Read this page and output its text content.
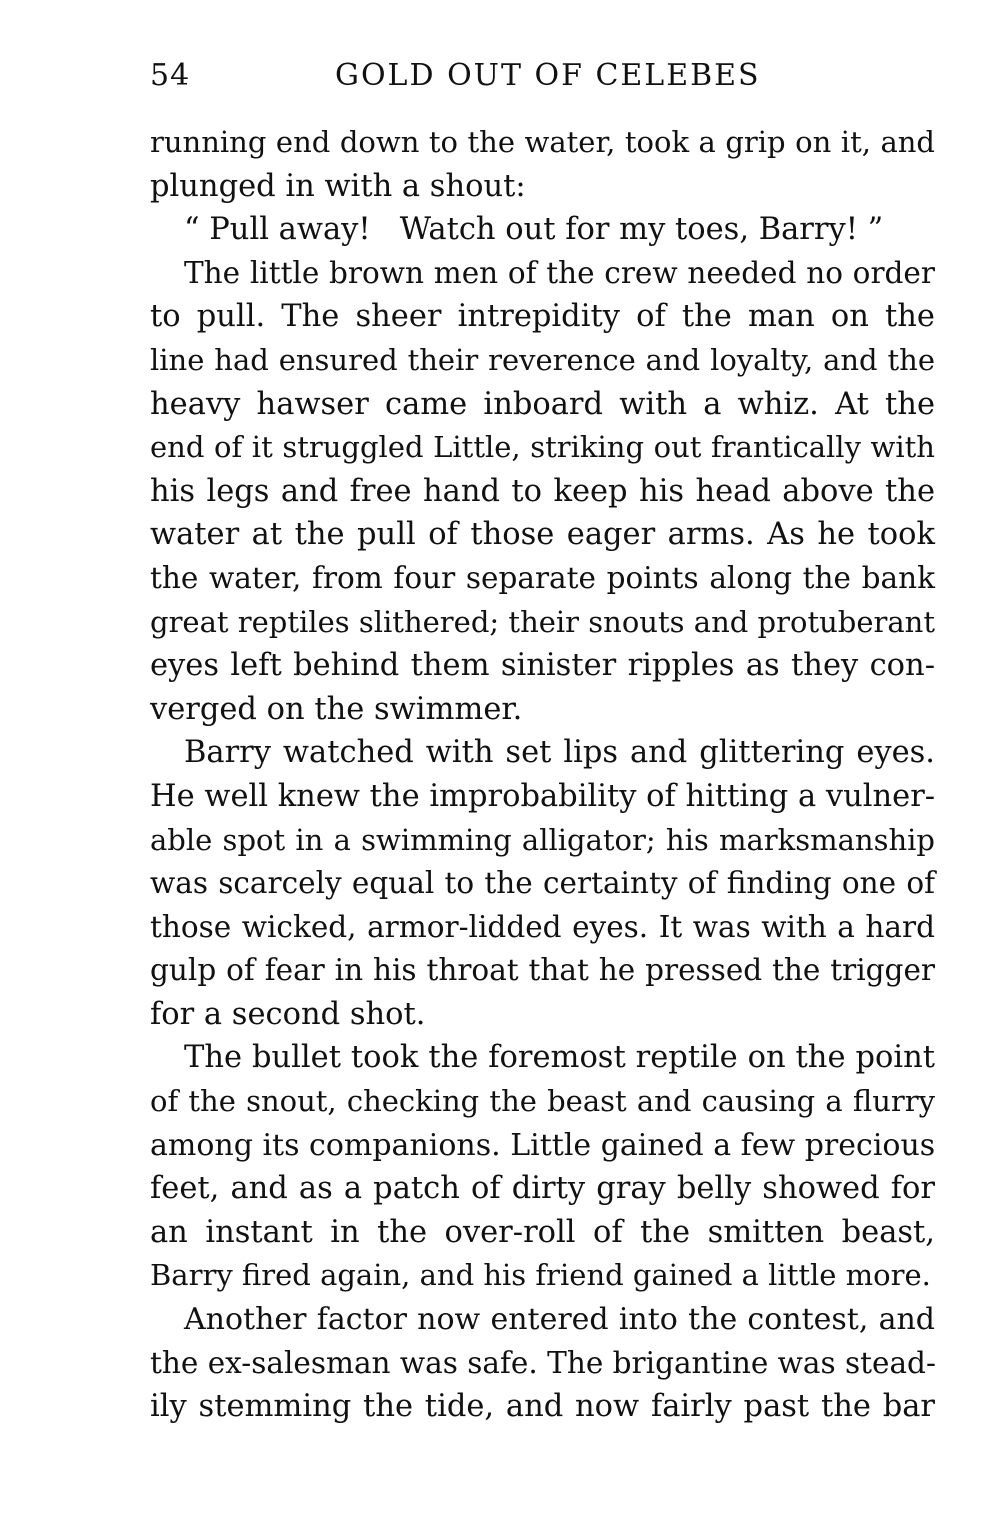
54	GOLD OUT OF CELEBES

running end down to the water, took a grip on it, and
plunged in with a shout:

“ Pull away!   Watch out for my toes, Barry! ”

The little brown men of the crew needed no order
to pull. The sheer intrepidity of the man on the
line had ensured their reverence and loyalty, and the
heavy hawser came inboard with a whiz. At the
end of it struggled Little, striking out frantically with
his legs and free hand to keep his head above the
water at the pull of those eager arms. As he took
the water, from four separate points along the bank
great reptiles slithered; their snouts and protuberant
eyes left behind them sinister ripples as they con-
verged on the swimmer.

Barry watched with set lips and glittering eyes.
He well knew the improbability of hitting a vulner-
able spot in a swimming alligator; his marksmanship
was scarcely equal to the certainty of finding one of
those wicked, armor-lidded eyes. It was with a hard
gulp of fear in his throat that he pressed the trigger
for a second shot.

The bullet took the foremost reptile on the point
of the snout, checking the beast and causing a flurry
among its companions. Little gained a few precious
feet, and as a patch of dirty gray belly showed for
an instant in the over-roll of the smitten beast,
Barry fired again, and his friend gained a little more.

Another factor now entered into the contest, and
the ex-salesman was safe. The brigantine was stead-
ily stemming the tide, and now fairly past the bar
